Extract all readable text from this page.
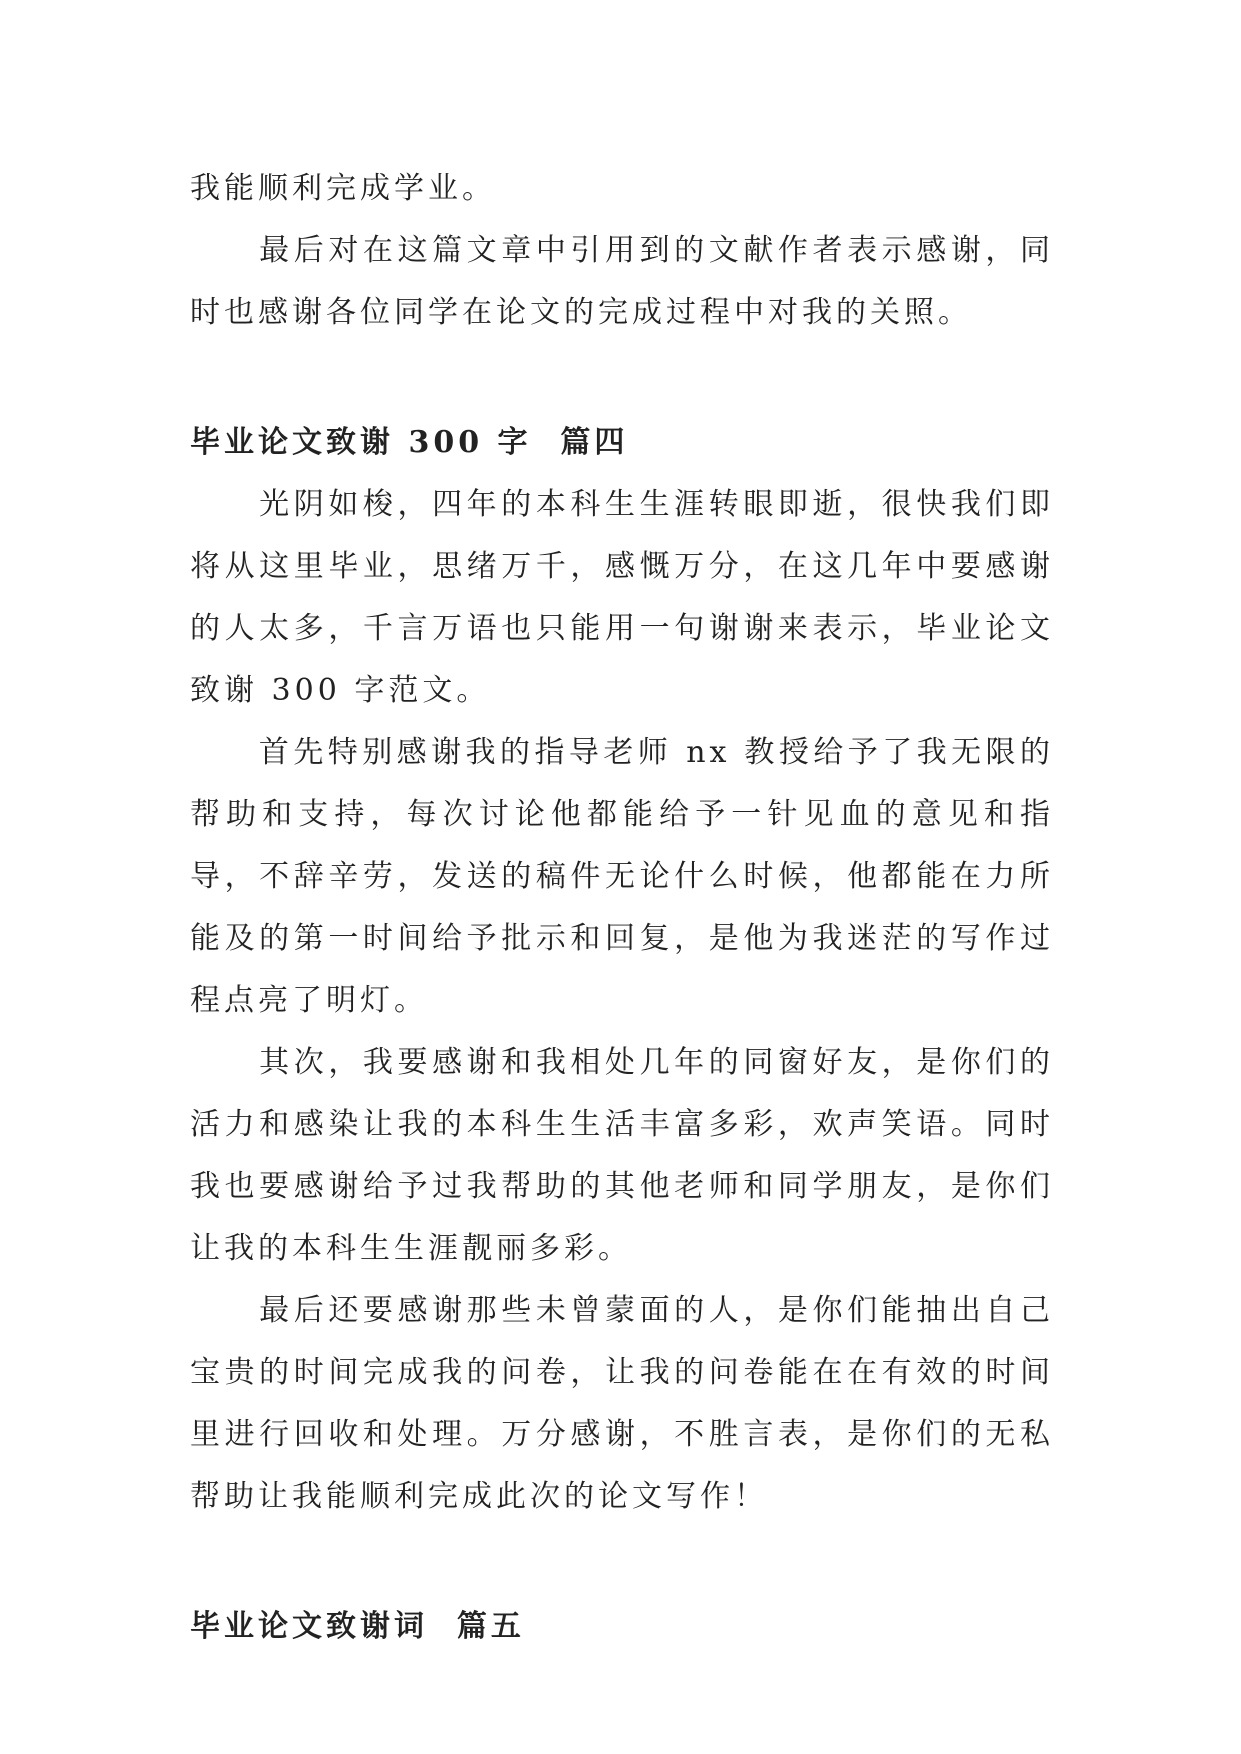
我能顺利完成学业。

　　最后对在这篇文章中引用到的文献作者表示感谢，同时也感谢各位同学在论文的完成过程中对我的关照。

毕业论文致谢 300 字  篇四

　　光阴如梭，四年的本科生生涯转眼即逝，很快我们即将从这里毕业，思绪万千，感慨万分，在这几年中要感谢的人太多，千言万语也只能用一句谢谢来表示，毕业论文致谢 300 字范文。

　　首先特别感谢我的指导老师 nx 教授给予了我无限的帮助和支持，每次讨论他都能给予一针见血的意见和指导，不辞辛劳，发送的稿件无论什么时候，他都能在力所能及的第一时间给予批示和回复，是他为我迷茫的写作过程点亮了明灯。

　　其次，我要感谢和我相处几年的同窗好友，是你们的活力和感染让我的本科生生活丰富多彩，欢声笑语。同时我也要感谢给予过我帮助的其他老师和同学朋友，是你们让我的本科生生涯靓丽多彩。

　　最后还要感谢那些未曾蒙面的人，是你们能抽出自己宝贵的时间完成我的问卷，让我的问卷能在在有效的时间里进行回收和处理。万分感谢，不胜言表，是你们的无私帮助让我能顺利完成此次的论文写作！

毕业论文致谢词  篇五
